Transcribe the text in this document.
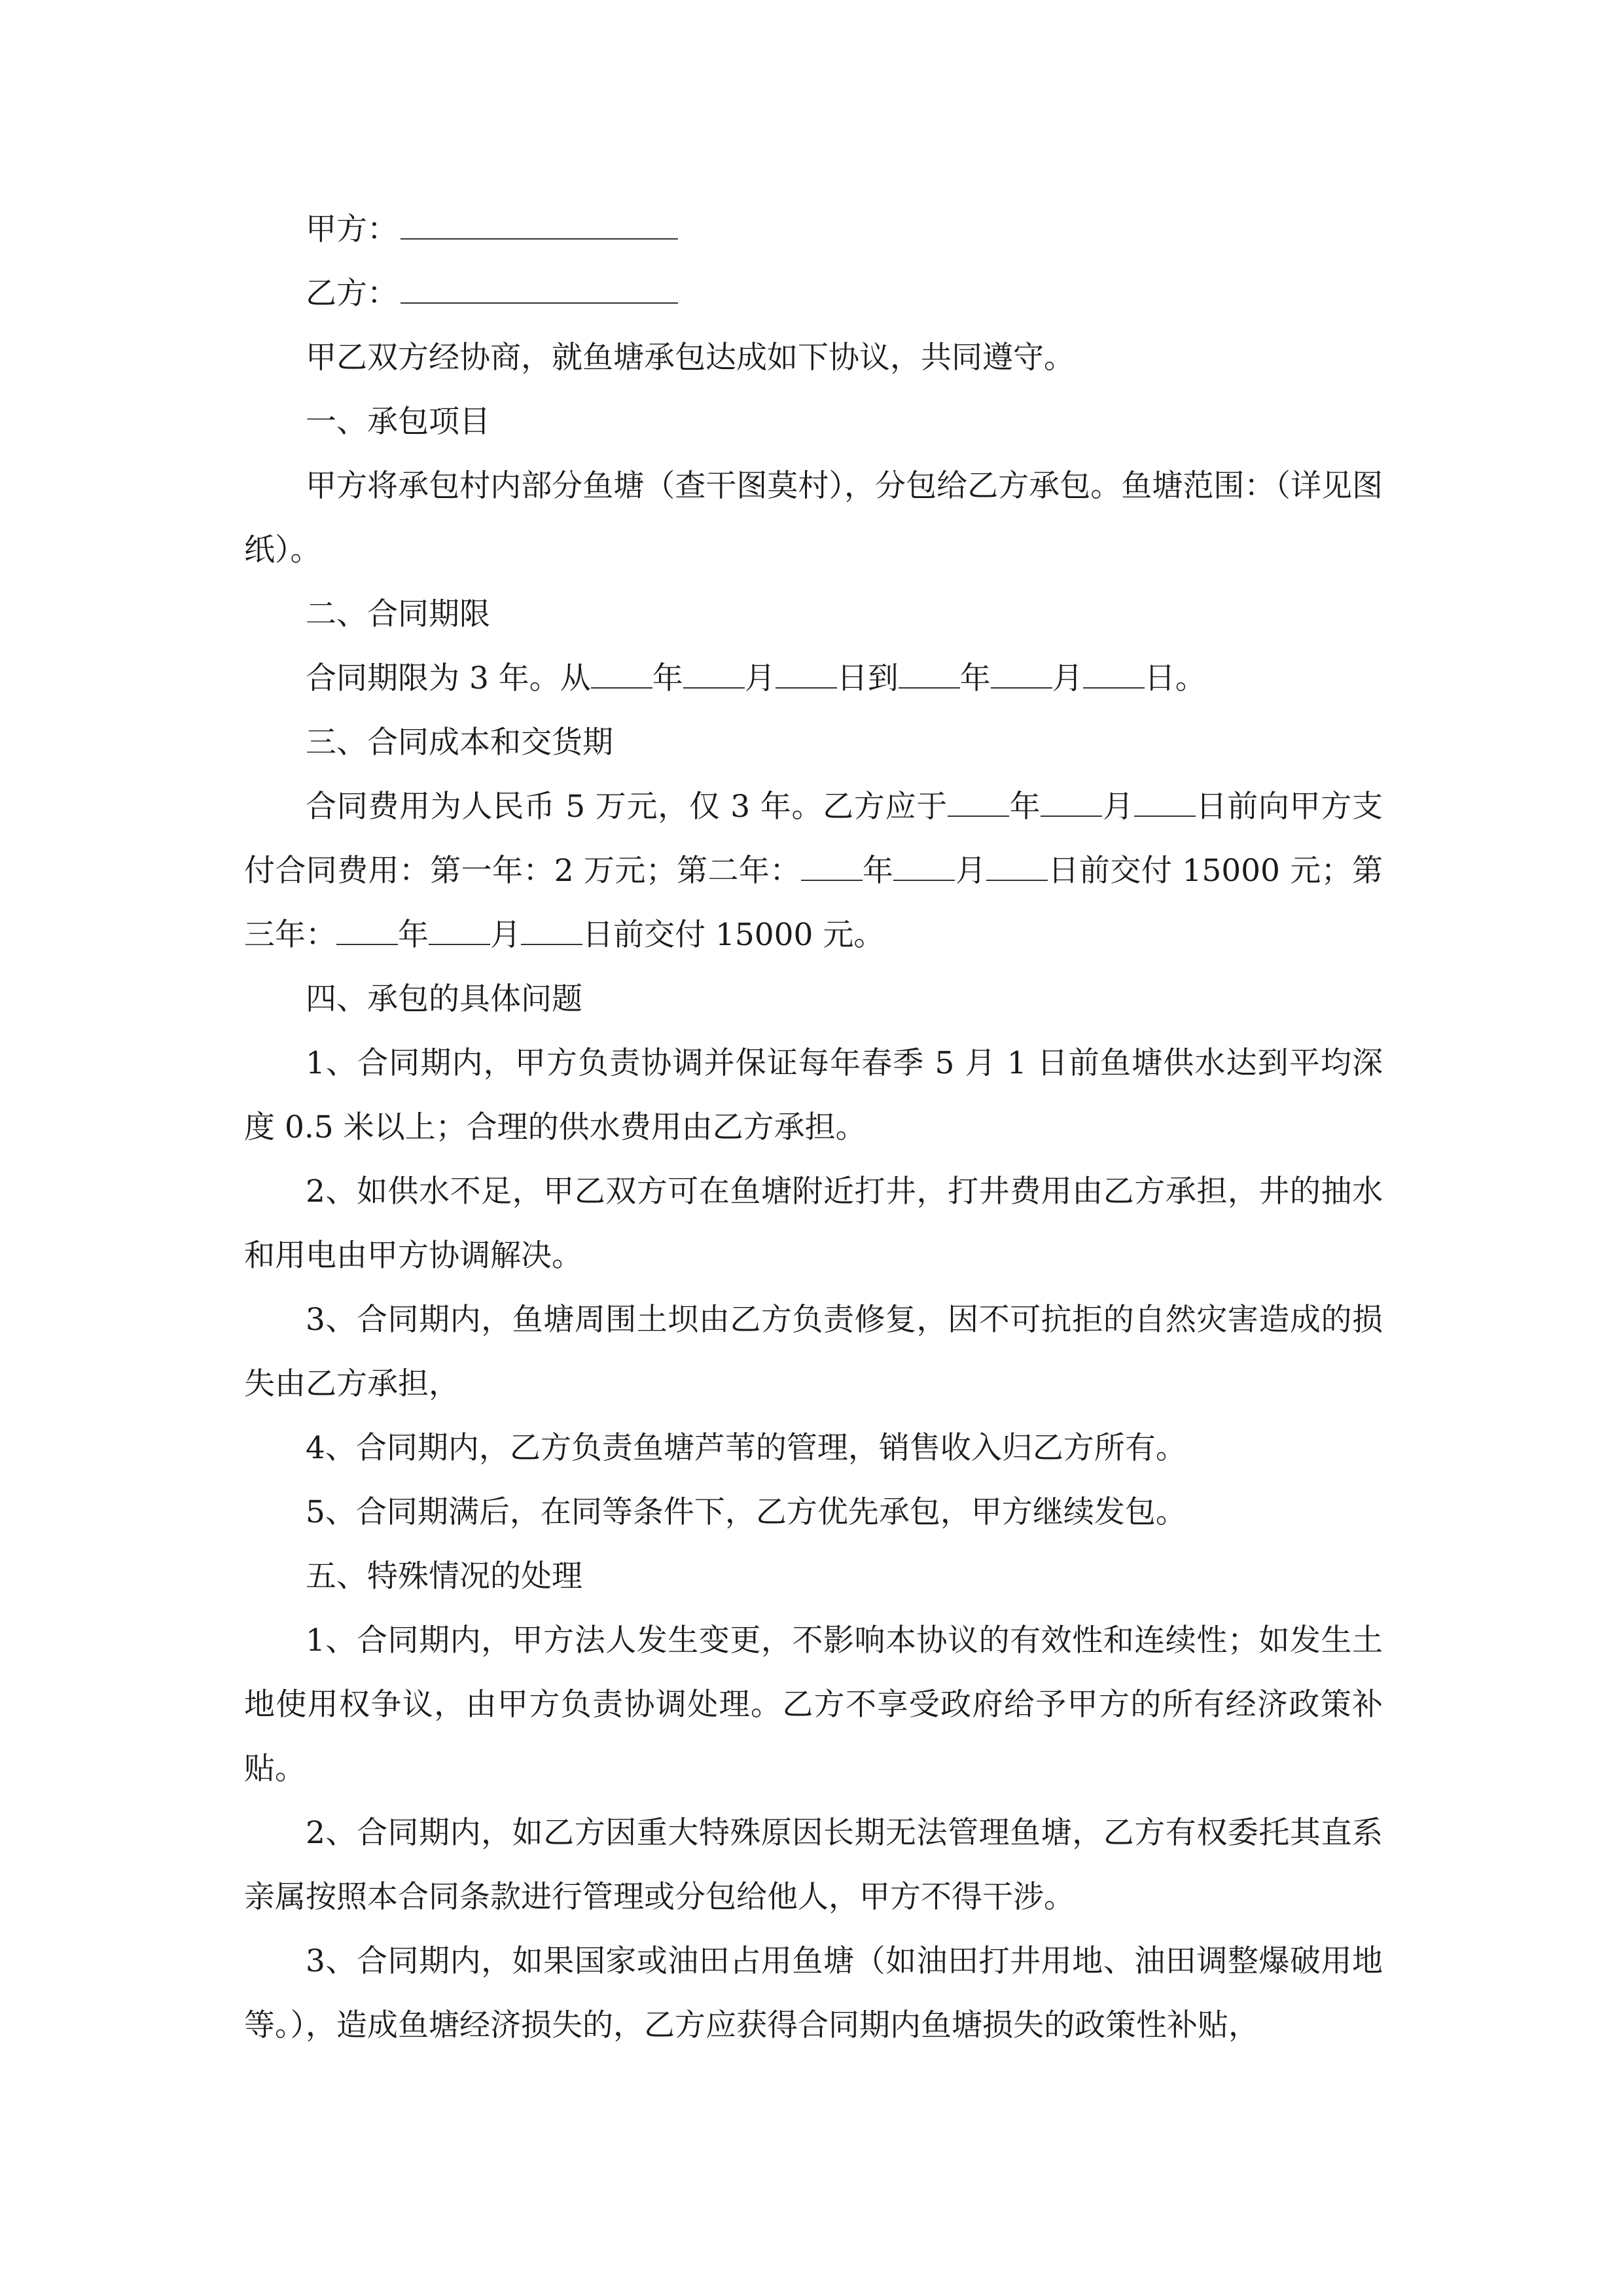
甲方：

乙方：

甲乙双方经协商，就鱼塘承包达成如下协议，共同遵守。

一、承包项目

甲方将承包村内部分鱼塘（查干图莫村），分包给乙方承包。鱼塘范围：（详见图纸）。

二、合同期限

合同期限为 3 年。从 年 月 日到 年 月 日。

三、合同成本和交货期

合同费用为人民币 5 万元，仅 3 年。乙方应于 年 月 日前向甲方支付合同费用：第一年：2 万元；第二年： 年 月 日前交付 15000 元；第三年： 年 月 日前交付 15000 元。

四、承包的具体问题

1、合同期内，甲方负责协调并保证每年春季 5 月 1 日前鱼塘供水达到平均深度 0.5 米以上；合理的供水费用由乙方承担。

2、如供水不足，甲乙双方可在鱼塘附近打井，打井费用由乙方承担，井的抽水和用电由甲方协调解决。

3、合同期内，鱼塘周围土坝由乙方负责修复，因不可抗拒的自然灾害造成的损失由乙方承担，

4、合同期内，乙方负责鱼塘芦苇的管理，销售收入归乙方所有。

5、合同期满后，在同等条件下，乙方优先承包，甲方继续发包。

五、特殊情况的处理

1、合同期内，甲方法人发生变更，不影响本协议的有效性和连续性；如发生土地使用权争议，由甲方负责协调处理。乙方不享受政府给予甲方的所有经济政策补贴。

2、合同期内，如乙方因重大特殊原因长期无法管理鱼塘，乙方有权委托其直系亲属按照本合同条款进行管理或分包给他人，甲方不得干涉。

3、合同期内，如果国家或油田占用鱼塘（如油田打井用地、油田调整爆破用地等。），造成鱼塘经济损失的，乙方应获得合同期内鱼塘损失的政策性补贴，
